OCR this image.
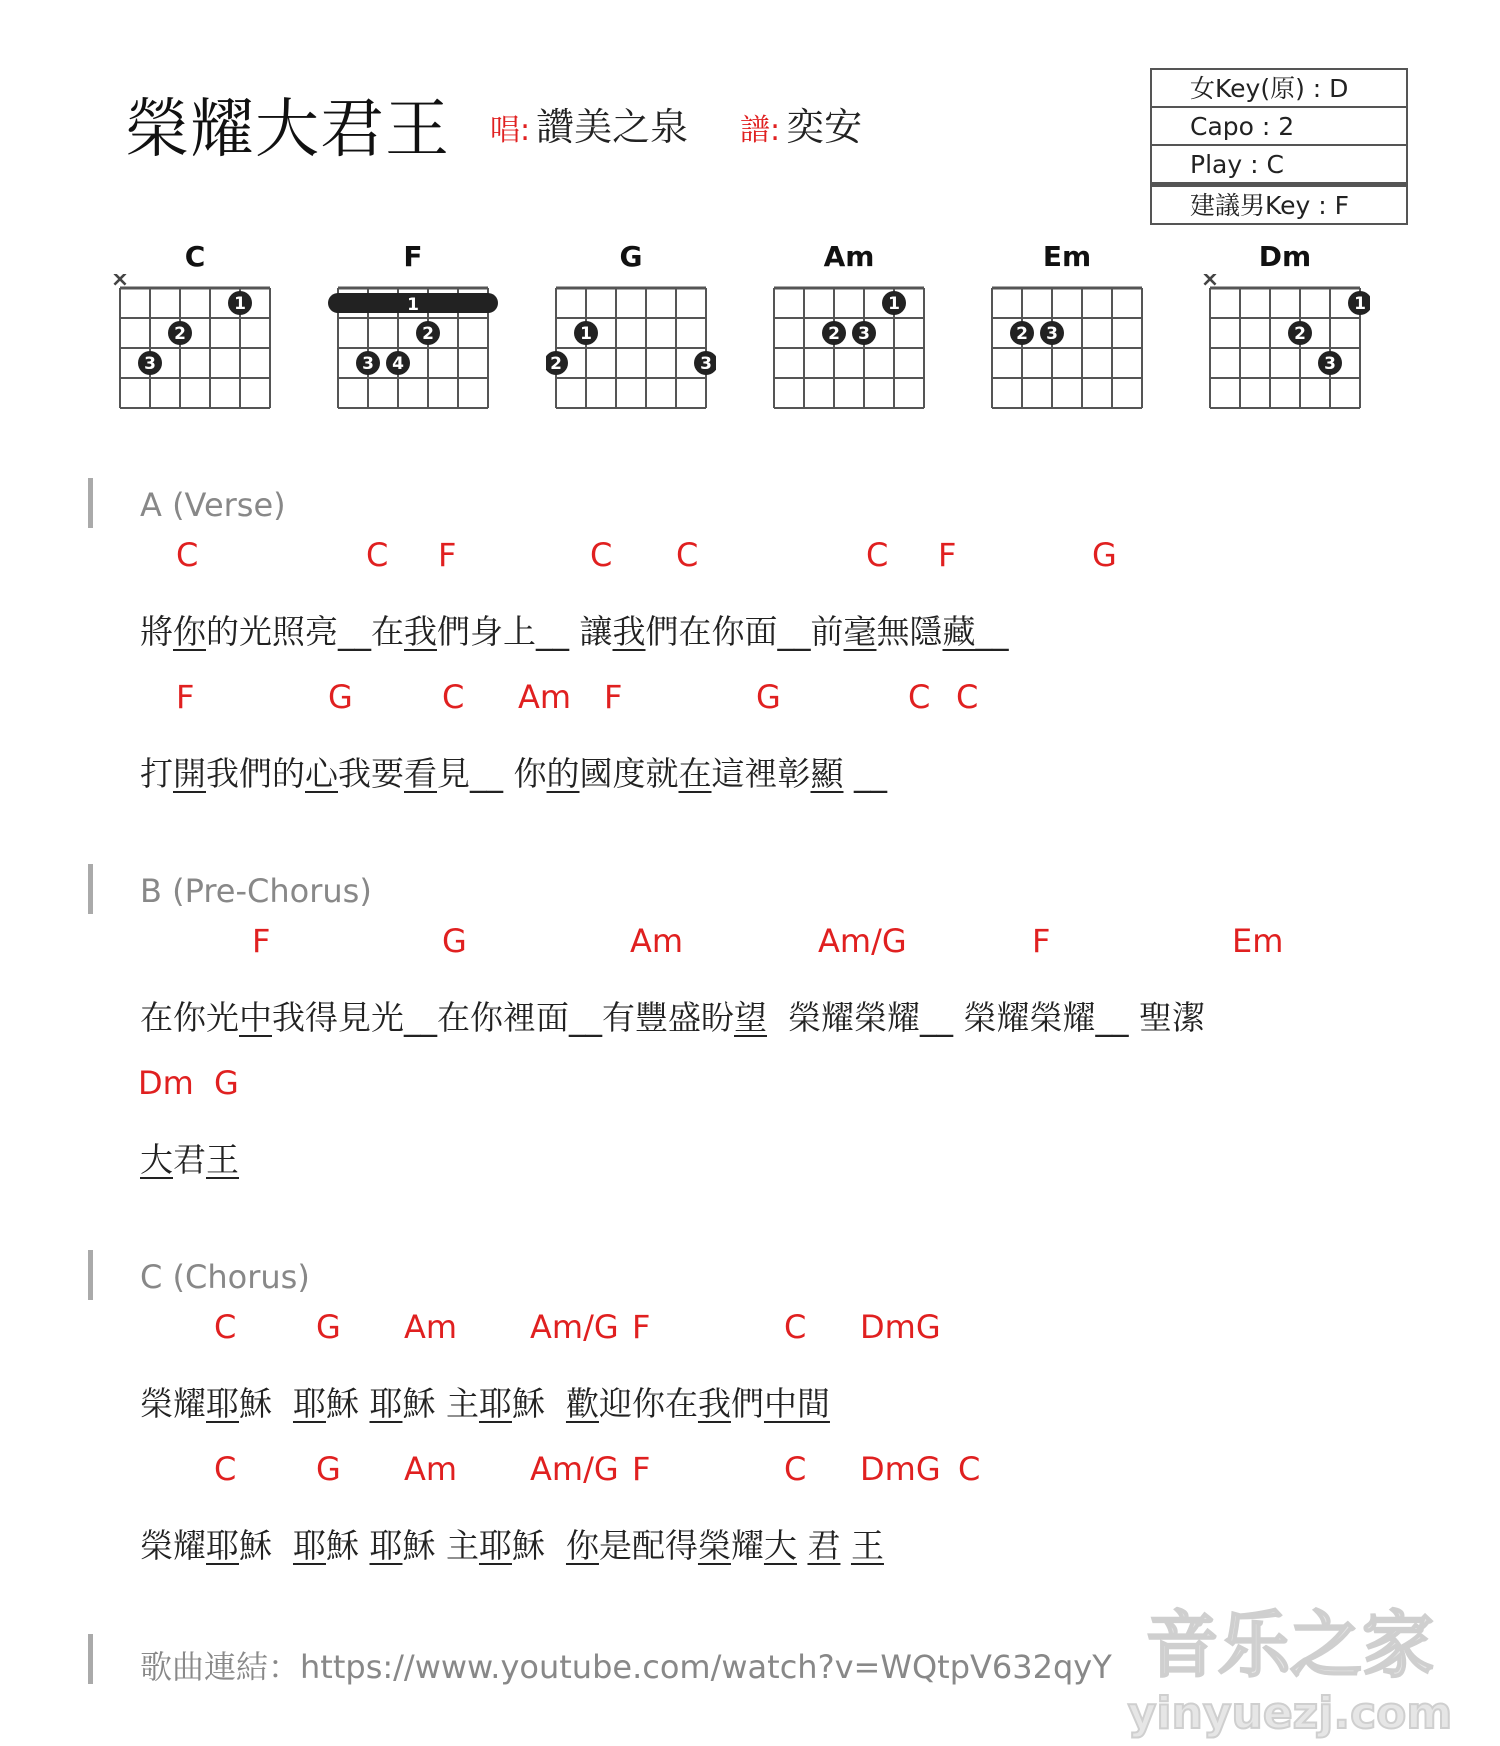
榮耀大君王 唱: 讚美之泉 譜: 奕安
女Key(原) : D
Capo : 2
Play : C
建議男Key : F
C
×
1
2
3
F
1
2
3 4
G
1
2	3
Am
1
2 3
Em
2 3
Dm
×
1
2
3
A (Verse)
C	C F	C C	C F	G
將你的光照亮__在我們身上__ 讓我們在你面__前毫無隱藏__
F	G	C Am F	G	C C
打開我們的心我要看見__ 你的國度就在這裡彰顯 __
B (Pre-Chorus)
F	G	Am	Am/G	F	Em
在你光中我得見光__在你裡面__有豐盛盼望  榮耀榮耀__ 榮耀榮耀__ 聖潔
Dm G
大君王
C (Chorus)
C G Am Am/G F	C DmG
榮耀耶穌  耶穌 耶穌 主耶穌  歡迎你在我們中間
C G Am Am/G F	C DmG C
榮耀耶穌  耶穌 耶穌 主耶穌  你是配得榮耀大 君 王
歌曲連結：https://www.youtube.com/watch?v=WQtpV632qyY 音乐之家
yinyuezj.com
